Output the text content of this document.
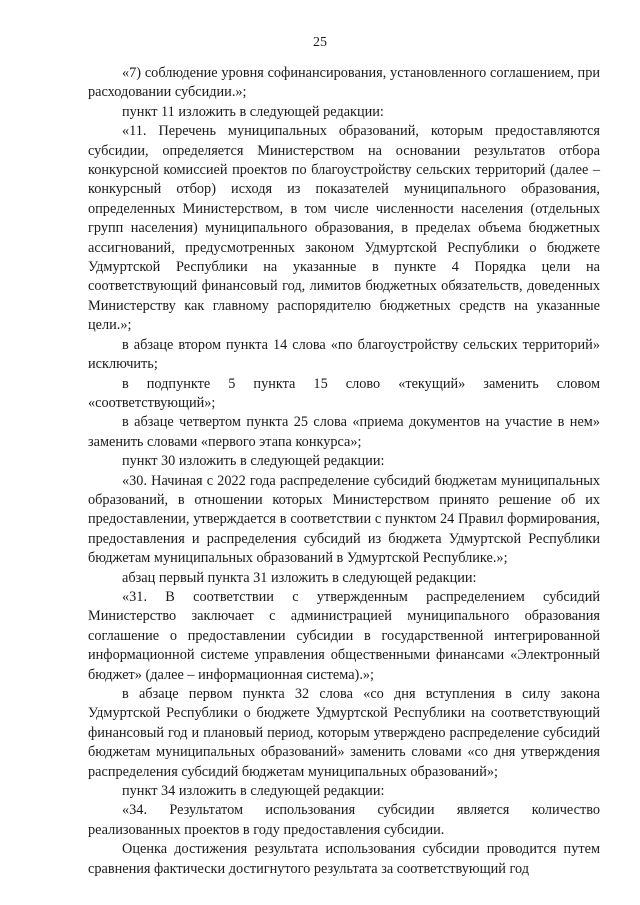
25

«7) соблюдение уровня софинансирования, установленного соглашением, при расходовании субсидии.»;

пункт 11 изложить в следующей редакции:

«11. Перечень муниципальных образований, которым предоставляются субсидии, определяется Министерством на основании результатов отбора конкурсной комиссией проектов по благоустройству сельских территорий (далее – конкурсный отбор) исходя из показателей муниципального образования, определенных Министерством, в том числе численности населения (отдельных групп населения) муниципального образования, в пределах объема бюджетных ассигнований, предусмотренных законом Удмуртской Республики о бюджете Удмуртской Республики на указанные в пункте 4 Порядка цели на соответствующий финансовый год, лимитов бюджетных обязательств, доведенных Министерству как главному распорядителю бюджетных средств на указанные цели.»;

в абзаце втором пункта 14 слова «по благоустройству сельских территорий» исключить;

в подпункте 5 пункта 15 слово «текущий» заменить словом «соответствующий»;

в абзаце четвертом пункта 25 слова «приема документов на участие в нем» заменить словами «первого этапа конкурса»;

пункт 30 изложить в следующей редакции:

«30. Начиная с 2022 года распределение субсидий бюджетам муниципальных образований, в отношении которых Министерством принято решение об их предоставлении, утверждается в соответствии с пунктом 24 Правил формирования, предоставления и распределения субсидий из бюджета Удмуртской Республики бюджетам муниципальных образований в Удмуртской Республике.»;

абзац первый пункта 31 изложить в следующей редакции:

«31. В соответствии с утвержденным распределением субсидий Министерство заключает с администрацией муниципального образования соглашение о предоставлении субсидии в государственной интегрированной информационной системе управления общественными финансами «Электронный бюджет» (далее – информационная система).»;

в абзаце первом пункта 32 слова «со дня вступления в силу закона Удмуртской Республики о бюджете Удмуртской Республики на соответствующий финансовый год и плановый период, которым утверждено распределение субсидий бюджетам муниципальных образований» заменить словами «со дня утверждения распределения субсидий бюджетам муниципальных образований»;

пункт 34 изложить в следующей редакции:

«34. Результатом использования субсидии является количество реализованных проектов в году предоставления субсидии.

Оценка достижения результата использования субсидии проводится путем сравнения фактически достигнутого результата за соответствующий год
